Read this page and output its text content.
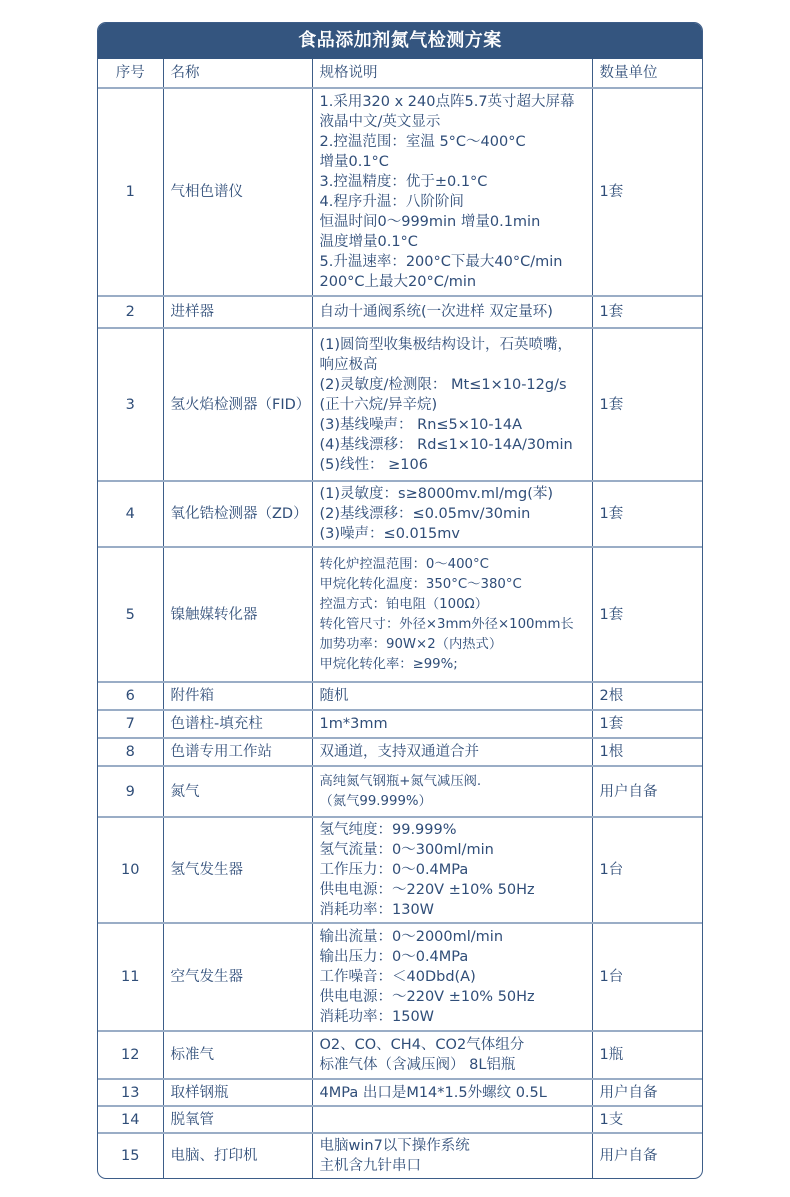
食品添加剂氮气检测方案
序号	名称	规格说明	数量单位
1	气相色谱仪	
1.采用320 x 240点阵5.7英寸超大屏幕
液晶中文/英文显示
2.控温范围：室温 5°C～400°C
增量0.1°C
3.控温精度：优于±0.1°C
4.程序升温：八阶阶间
恒温时间0～999min 增量0.1min
温度增量0.1°C
5.升温速率：200°C下最大40°C/min
200°C上最大20°C/min
	1套
2	进样器	自动十通阀系统(一次进样 双定量环)	1套
3	氢火焰检测器（FID）	
(1)圆筒型收集极结构设计，石英喷嘴，
响应极高
(2)灵敏度/检测限： Mt≤1×10-12g/s
(正十六烷/异辛烷)
(3)基线噪声： Rn≤5×10-14A
(4)基线漂移： Rd≤1×10-14A/30min
(5)线性： ≥106
	1套
4	氧化锆检测器（ZD）	(1)灵敏度：s≥8000mv.ml/mg(苯)
(2)基线漂移：≤0.05mv/30min
(3)噪声：≤0.015mv	1套
5	镍触媒转化器	
转化炉控温范围：0～400°C
甲烷化转化温度：350°C～380°C
控温方式：铂电阻（100Ω）
转化管尺寸：外径×3mm外径×100mm长
加势功率：90W×2（内热式）
甲烷化转化率：≥99%;
	1套
6	附件箱	随机	2根
7	色谱柱-填充柱	1m*3mm	1套
8	色谱专用工作站	双通道，支持双通道合并	1根
9	氮气	高纯氮气钢瓶+氮气减压阀.
（氮气99.999%）	用户自备
10	氢气发生器	氢气纯度：99.999%
氢气流量：0～300ml/min
工作压力：0～0.4MPa
供电电源：～220V ±10% 50Hz
消耗功率：130W	1台
11	空气发生器	输出流量：0～2000ml/min
输出压力：0～0.4MPa
工作噪音：＜40Dbd(A)
供电电源：～220V ±10% 50Hz
消耗功率：150W	1台
12	标准气	O2、CO、CH4、CO2气体组分
标准气体（含减压阀） 8L铝瓶	1瓶
13	取样钢瓶	4MPa 出口是M14*1.5外螺纹 0.5L	用户自备
14	脱氧管		1支
15	电脑、打印机	电脑win7以下操作系统
主机含九针串口	用户自备
